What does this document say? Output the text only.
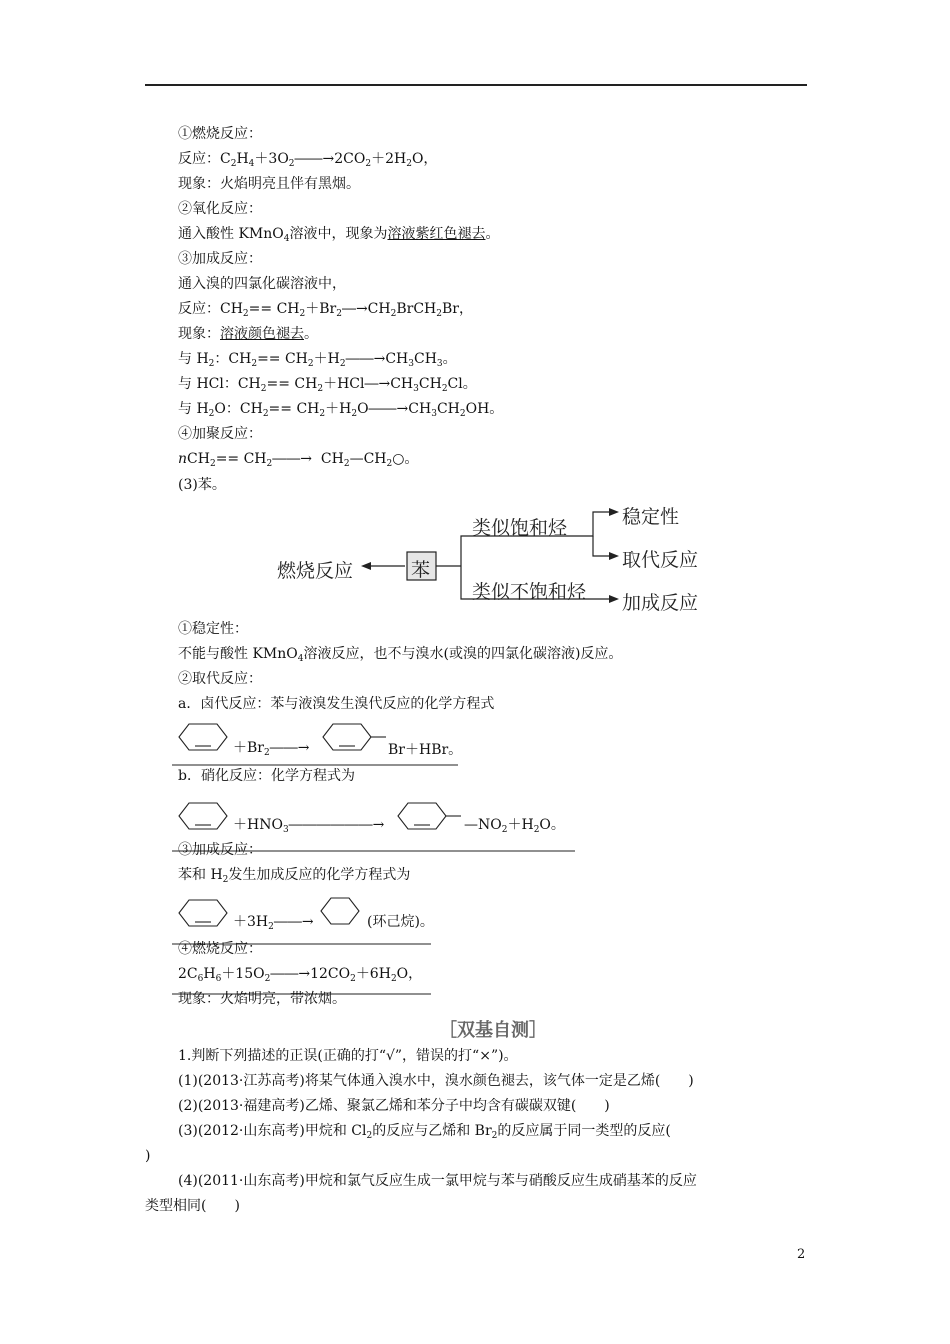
①燃烧反应：
反应：$C_2H_4+3O_2――\to 2CO_2+2H_2O$，
现象：火焰明亮且伴有黑烟。
②氧化反应：
通入酸性 KMnO$_4$溶液中，现象为溶液紫红色褪去。
③加成反应：
通入溴的四氯化碳溶液中，
反应：$CH_2==$ $CH_2+Br_2―\to CH_2BrCH_2Br$，
现象：溶液颜色褪去。
与 $H_2$：$CH_2==$ $CH_2+H_2――\to CH_3CH_3$。
与 HCl：$CH_2==$ $CH_2+HCl―\to CH_3CH_2Cl$。
与 $H_2O$：$CH_2==$ $CH_2+H_2O――\to CH_3CH_2OH$。
④加聚反应：
$nCH_2== CH_2――\to$ $CH_2—CH_2○$。
(3)苯。
苯
燃烧反应
类似饱和烃
类似不饱和烃
稳定性
取代反应
加成反应
①稳定性：
不能与酸性 KMnO$_4$溶液反应，也不与溴水(或溴的四氯化碳溶液)反应。
②取代反应：
a．卤代反应：苯与液溴发生溴代反应的化学方程式
$+Br_2――\to$	Br＋HBr。
b．硝化反应：化学方程式为
$+HNO_3――――――\to$	$—NO_2+H_2O$。
③加成反应：
苯和 $H_2$发生加成反应的化学方程式为
$+3H_2――\to$	(环己烷)。
④燃烧反应：
$2C_6H_6+15O_2――\to 12CO_2+6H_2O$，
现象：火焰明亮，带浓烟。
［双基自测］
1.判断下列描述的正误(正确的打“√”，错误的打“×”)。
(1)(2013·江苏高考)将某气体通入溴水中，溴水颜色褪去，该气体一定是乙烯(　　)
(2)(2013·福建高考)乙烯、聚氯乙烯和苯分子中均含有碳碳双键(　　)
(3)(2012·山东高考)甲烷和 $Cl_2$的反应与乙烯和 $Br_2$的反应属于同一类型的反应(
)
(4)(2011·山东高考)甲烷和氯气反应生成一氯甲烷与苯与硝酸反应生成硝基苯的反应
类型相同(　　)
2
